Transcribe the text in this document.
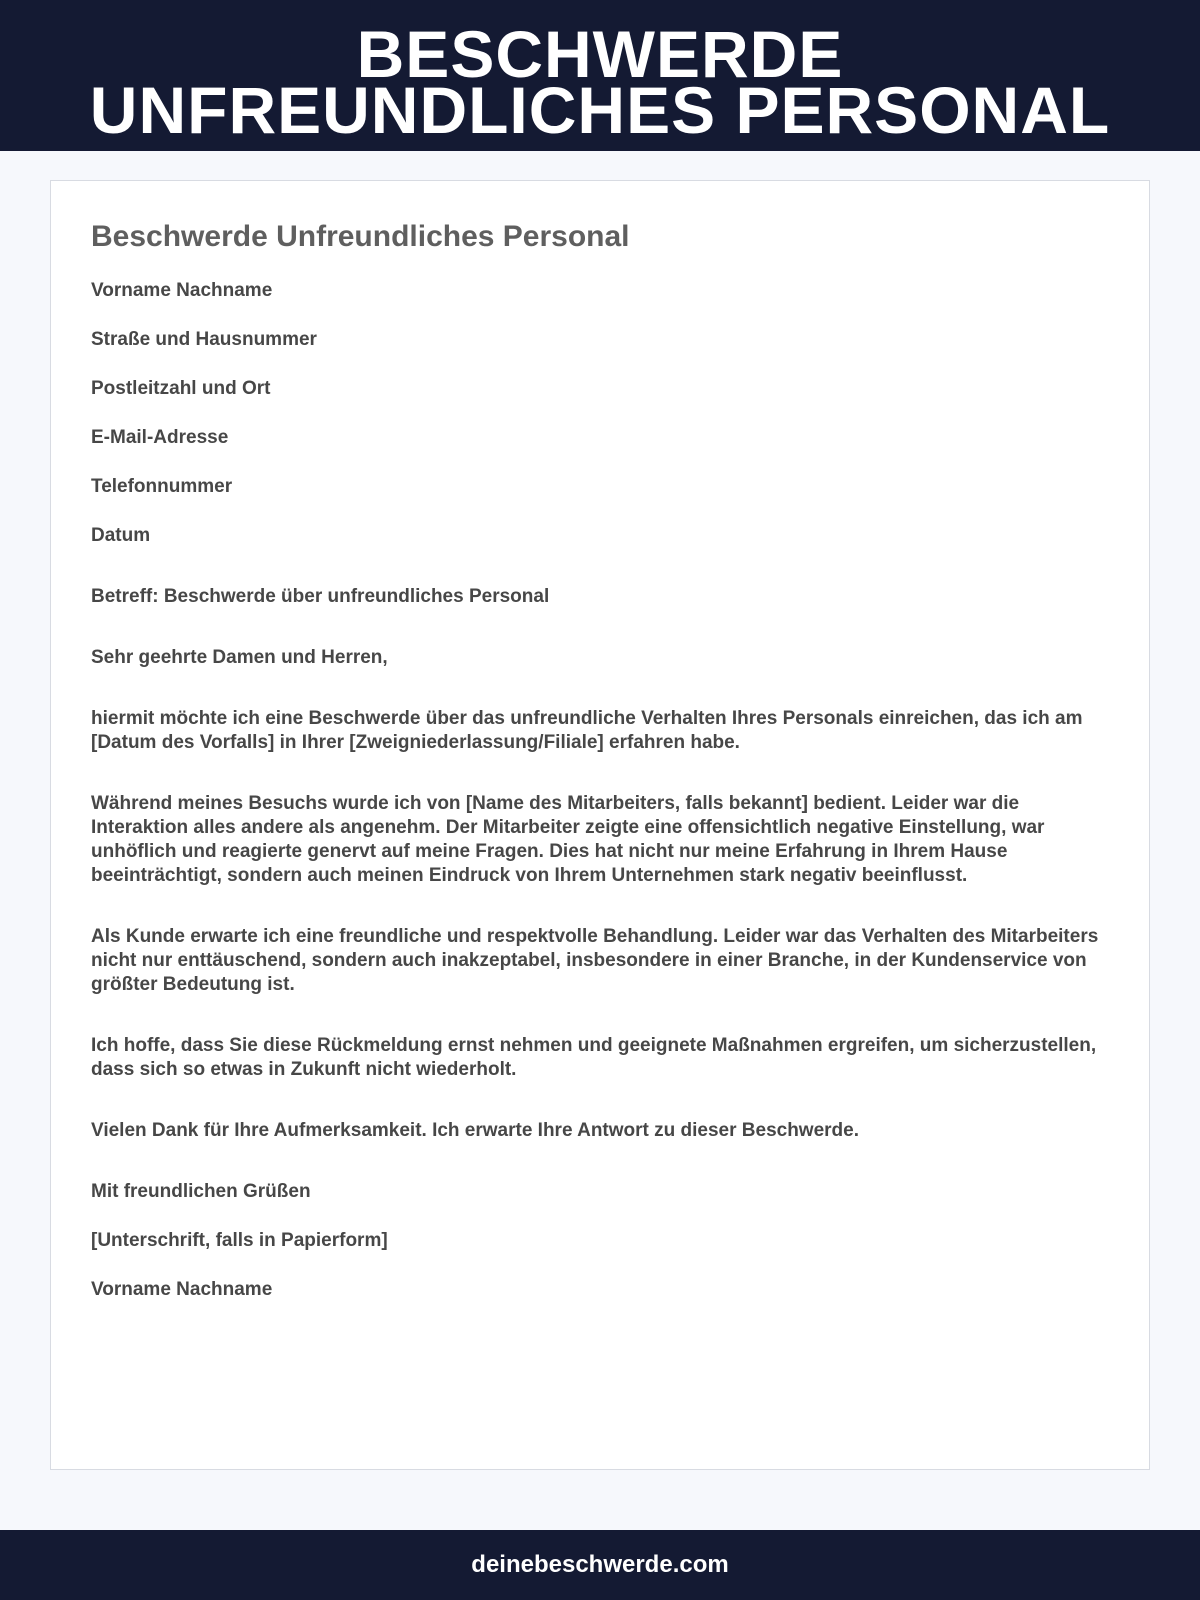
BESCHWERDE
UNFREUNDLICHES PERSONAL
Beschwerde Unfreundliches Personal

Vorname Nachname

Straße und Hausnummer

Postleitzahl und Ort

E-Mail-Adresse

Telefonnummer

Datum

Betreff: Beschwerde über unfreundliches Personal

Sehr geehrte Damen und Herren,

hiermit möchte ich eine Beschwerde über das unfreundliche Verhalten Ihres Personals einreichen, das ich am [Datum des Vorfalls] in Ihrer [Zweigniederlassung/Filiale] erfahren habe.

Während meines Besuchs wurde ich von [Name des Mitarbeiters, falls bekannt] bedient. Leider war die Interaktion alles andere als angenehm. Der Mitarbeiter zeigte eine offensichtlich negative Einstellung, war unhöflich und reagierte genervt auf meine Fragen. Dies hat nicht nur meine Erfahrung in Ihrem Hause beeinträchtigt, sondern auch meinen Eindruck von Ihrem Unternehmen stark negativ beeinflusst.

Als Kunde erwarte ich eine freundliche und respektvolle Behandlung. Leider war das Verhalten des Mitarbeiters nicht nur enttäuschend, sondern auch inakzeptabel, insbesondere in einer Branche, in der Kundenservice von größter Bedeutung ist.

Ich hoffe, dass Sie diese Rückmeldung ernst nehmen und geeignete Maßnahmen ergreifen, um sicherzustellen, dass sich so etwas in Zukunft nicht wiederholt.

Vielen Dank für Ihre Aufmerksamkeit. Ich erwarte Ihre Antwort zu dieser Beschwerde.

Mit freundlichen Grüßen

[Unterschrift, falls in Papierform]

Vorname Nachname

deinebeschwerde.com
